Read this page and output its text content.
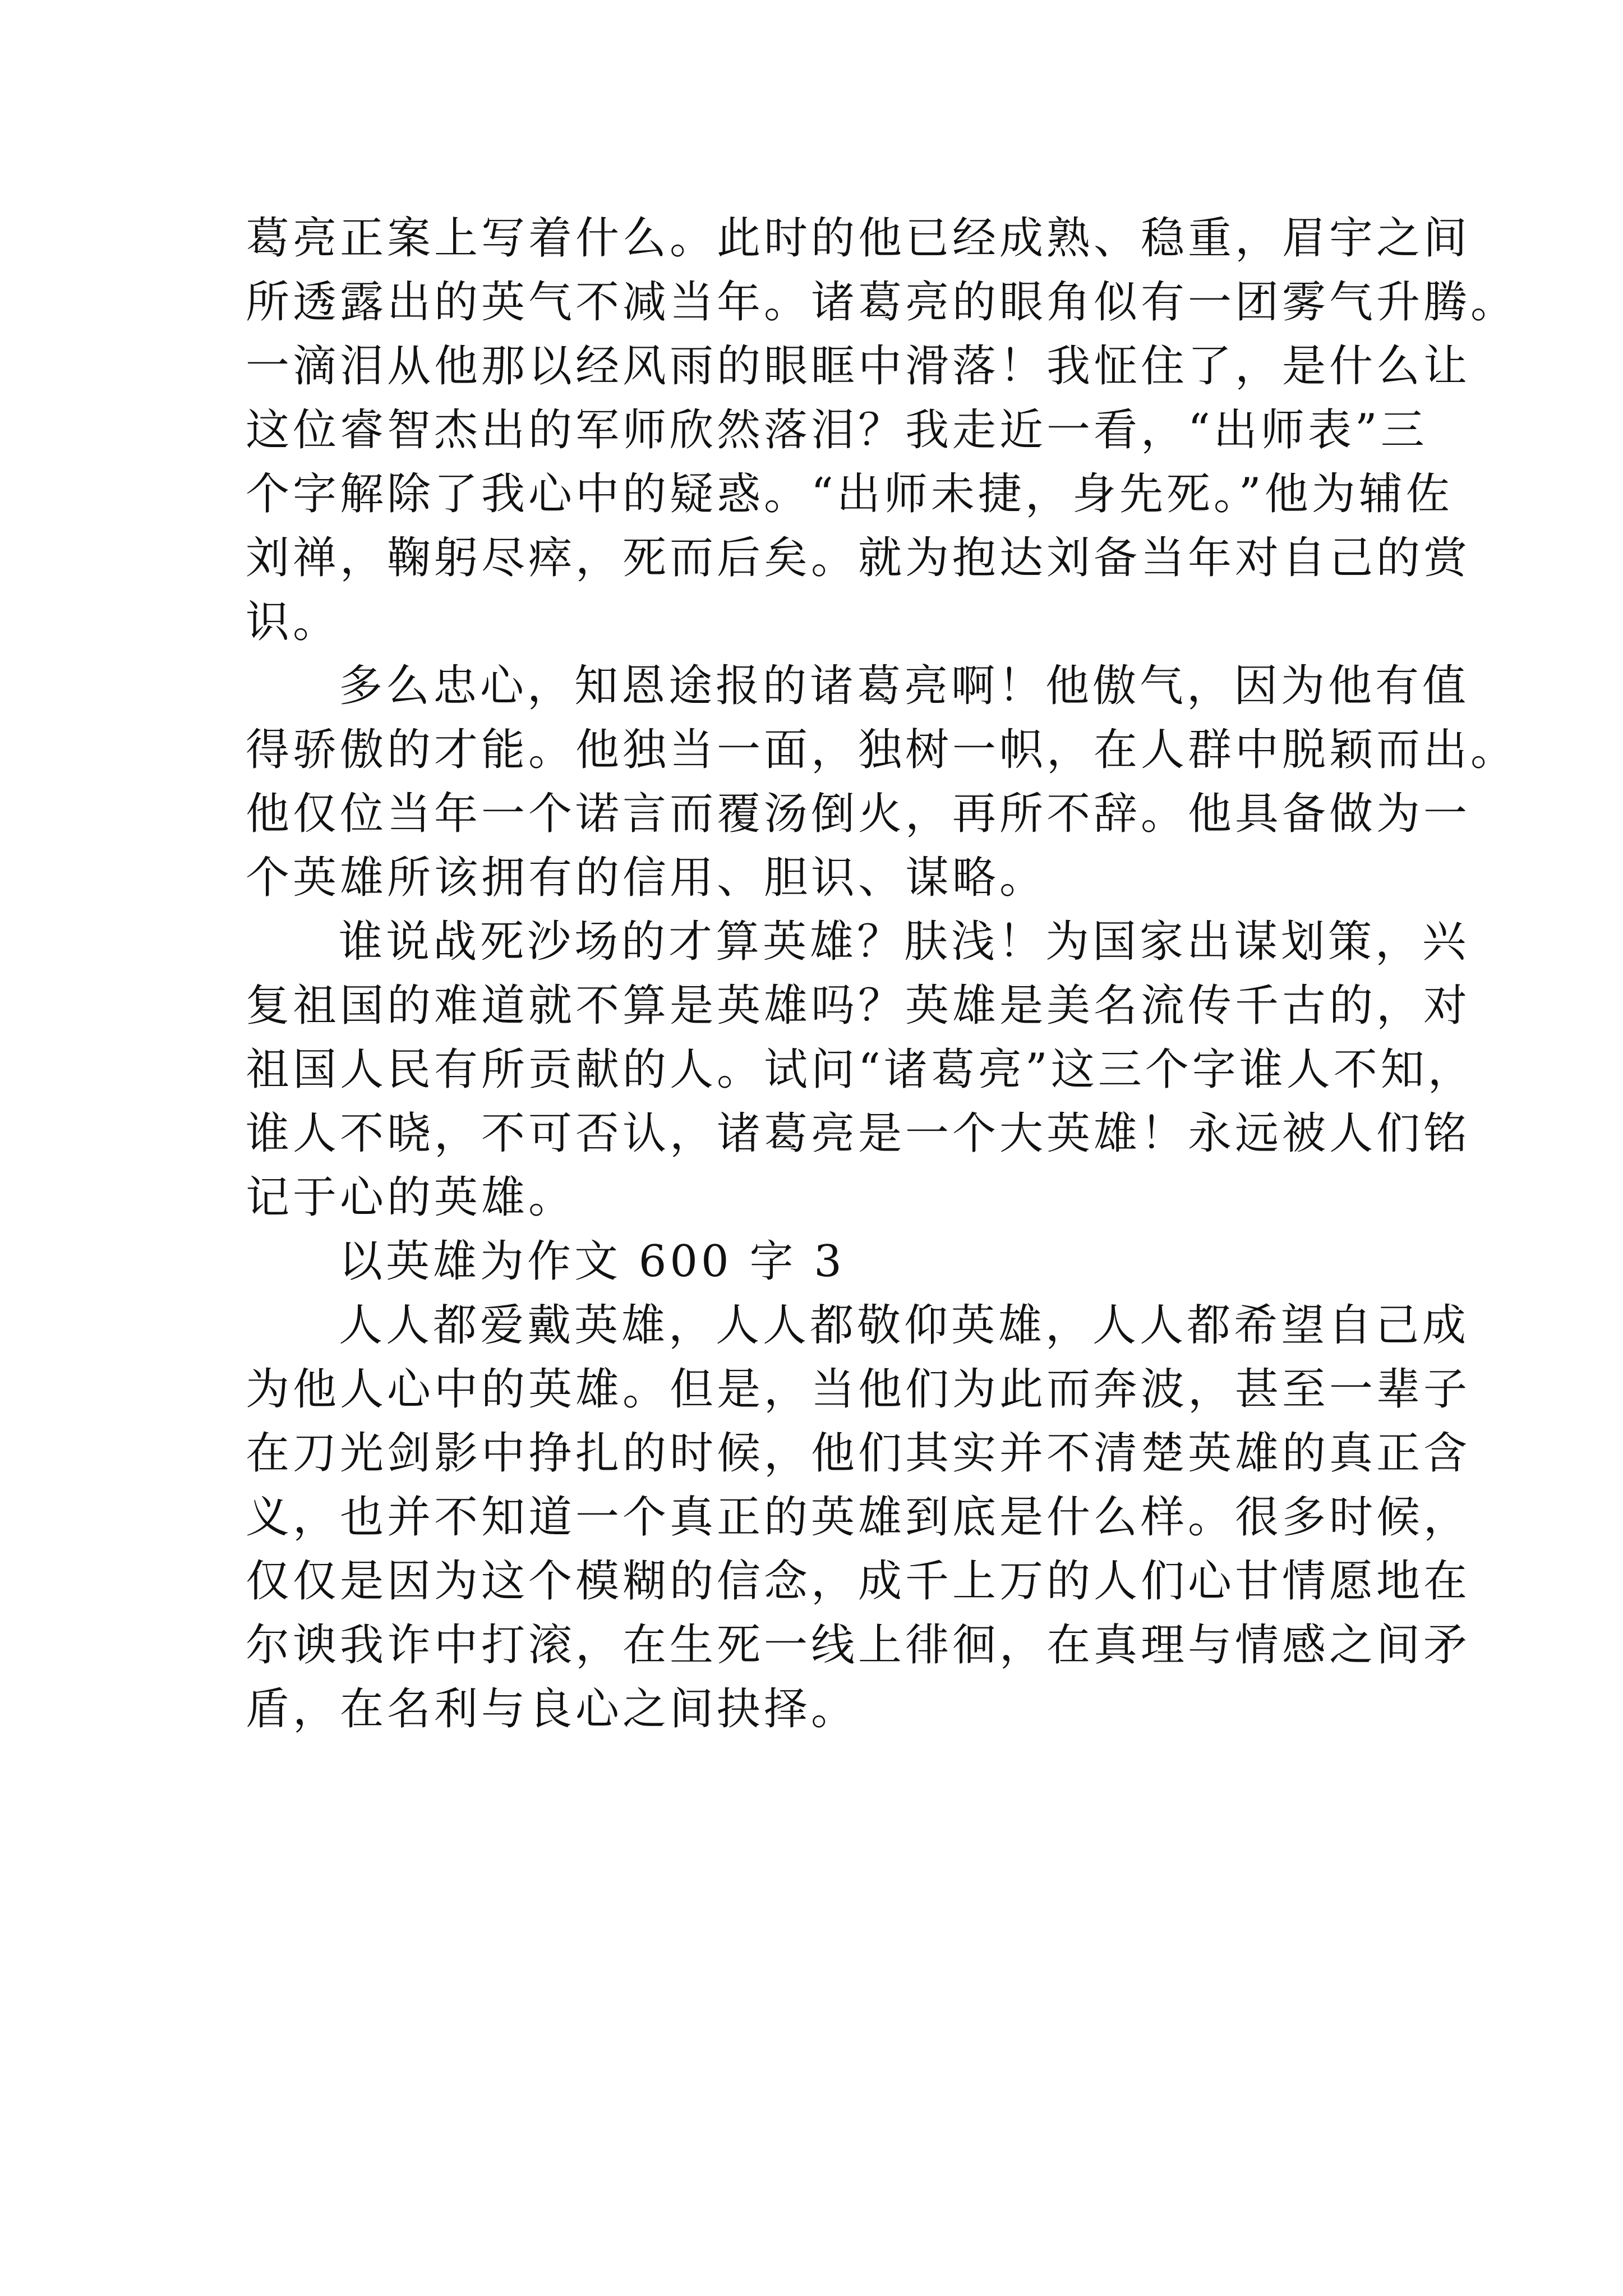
葛亮正案上写着什么。此时的他已经成熟、稳重，眉宇之间
所透露出的英气不减当年。诸葛亮的眼角似有一团雾气升腾。
一滴泪从他那以经风雨的眼眶中滑落！我怔住了，是什么让
这位睿智杰出的军师欣然落泪？我走近一看，“出师表”三
个字解除了我心中的疑惑。“出师未捷，身先死。”他为辅佐
刘禅，鞠躬尽瘁，死而后矣。就为抱达刘备当年对自己的赏
识。
多么忠心，知恩途报的诸葛亮啊！他傲气，因为他有值
得骄傲的才能。他独当一面，独树一帜，在人群中脱颖而出。
他仅位当年一个诺言而覆汤倒火，再所不辞。他具备做为一
个英雄所该拥有的信用、胆识、谋略。
谁说战死沙场的才算英雄？肤浅！为国家出谋划策，兴
复祖国的难道就不算是英雄吗？英雄是美名流传千古的，对
祖国人民有所贡献的人。试问“诸葛亮”这三个字谁人不知，
谁人不晓，不可否认，诸葛亮是一个大英雄！永远被人们铭
记于心的英雄。
以英雄为作文 600 字 3
人人都爱戴英雄，人人都敬仰英雄，人人都希望自己成
为他人心中的英雄。但是，当他们为此而奔波，甚至一辈子
在刀光剑影中挣扎的时候，他们其实并不清楚英雄的真正含
义，也并不知道一个真正的英雄到底是什么样。很多时候，
仅仅是因为这个模糊的信念，成千上万的人们心甘情愿地在
尔谀我诈中打滚，在生死一线上徘徊，在真理与情感之间矛
盾，在名利与良心之间抉择。
